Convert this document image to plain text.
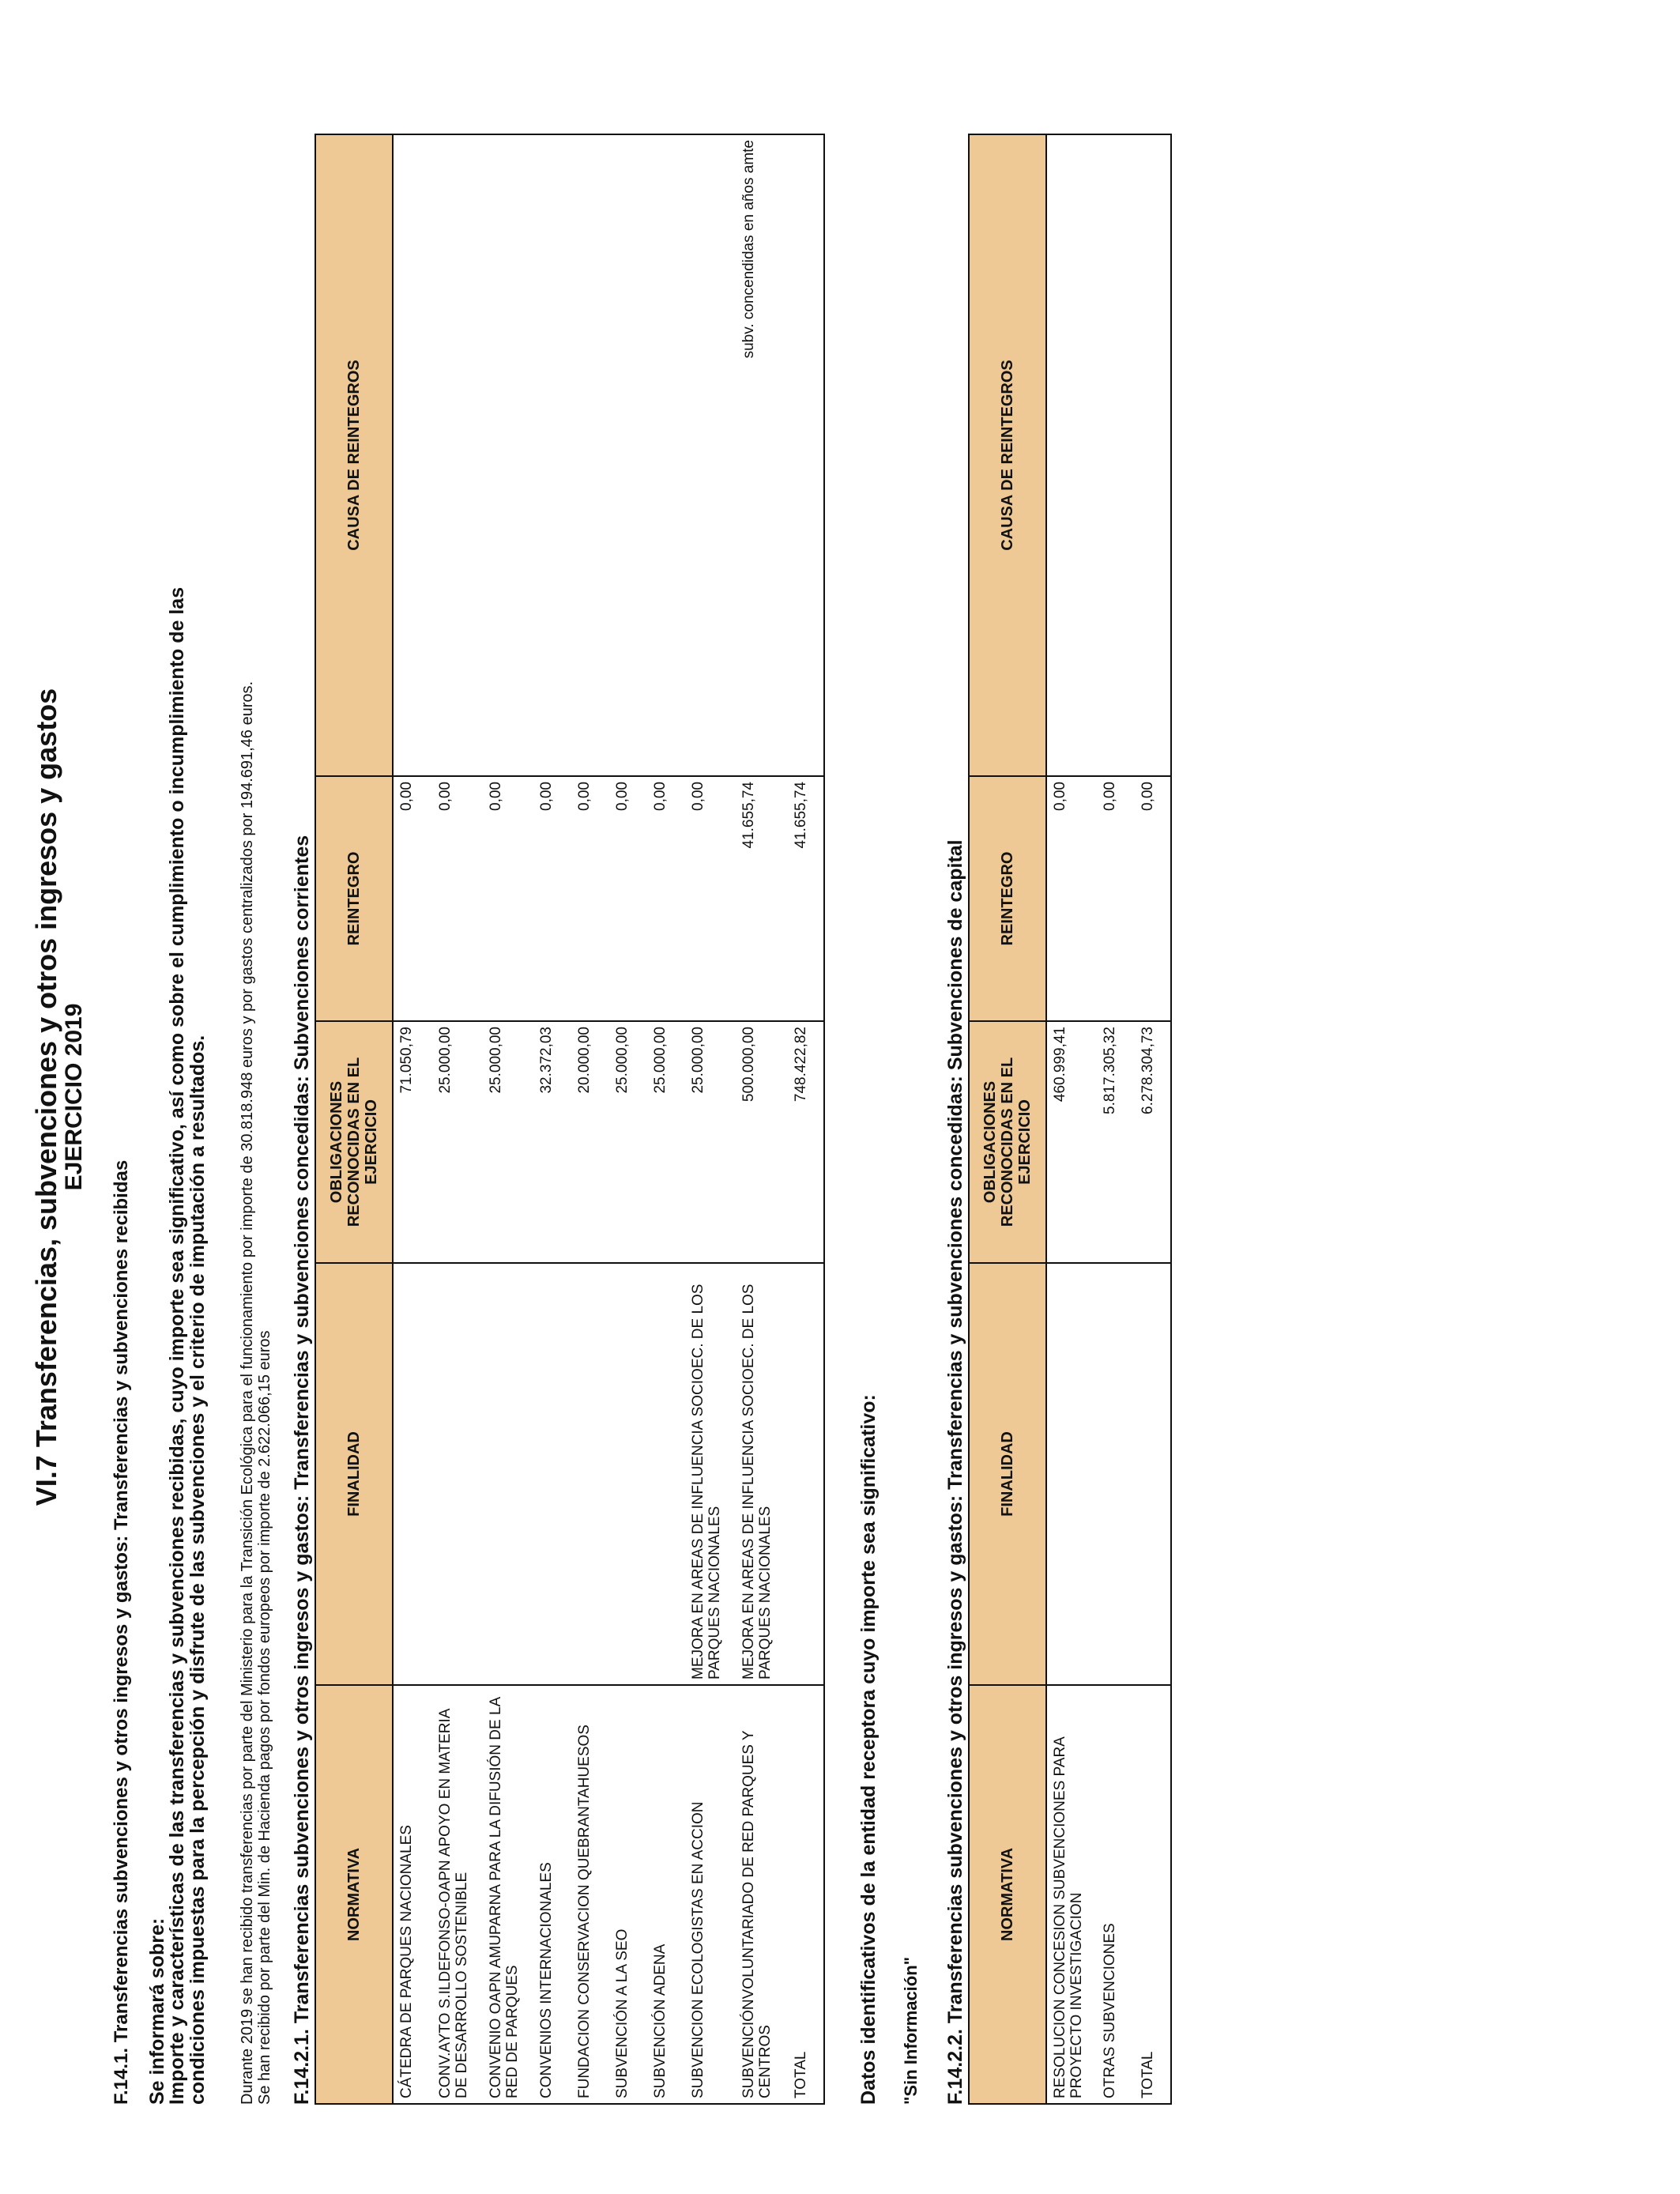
VI.7 Transferencias, subvenciones y otros ingresos y gastos
EJERCICIO 2019
F.14.1. Transferencias subvenciones y otros ingresos y gastos: Transferencias y subvenciones recibidas Se informará sobre:
Importe y características de las transferencias y subvenciones recibidas, cuyo importe sea significativo, así como sobre el cumplimiento o incumplimiento de las
condiciones impuestas para la percepción y disfrute de las subvenciones y el criterio de imputación a resultados. Durante 2019 se han recibido transferencias por parte del Ministerio para la Transición Ecológica para el funcionamiento por importe de 30.818.948 euros y por gastos centralizados por 194.691,46 euros. Se han recibido por parte del Min. de Hacienda pagos por fondos europeos por importe de 2.622.066,15 euros F.14.2.1. Transferencias subvenciones y otros ingresos y gastos: Transferencias y subvenciones concedidas: Subvenciones corrientes NORMATIVA	FINALIDAD	OBLIGACIONES RECONOCIDAS EN EL EJERCICIO	REINTEGRO	CAUSA DE REINTEGROS
CÁTEDRA DE PARQUES NACIONALES		71.050,79	0,00	
CONV.AYTO S.ILDEFONSO-OAPN APOYO EN MATERIA DE DESARROLLO SOSTENIBLE		25.000,00	0,00	
CONVENIO OAPN AMUPARNA PARA LA DIFUSIÓN DE LA RED DE PARQUES		25.000,00	0,00	
CONVENIOS INTERNACIONALES		32.372,03	0,00	
FUNDACION CONSERVACION QUEBRANTAHUESOS		20.000,00	0,00	
SUBVENCIÓN A LA SEO		25.000,00	0,00	
SUBVENCIÓN ADENA		25.000,00	0,00	
SUBVENCION ECOLOGISTAS EN ACCION	MEJORA EN AREAS DE INFLUENCIA SOCIOEC. DE LOS PARQUES NACIONALES	25.000,00	0,00	
SUBVENCIÓNVOLUNTARIADO DE RED PARQUES Y CENTROS	MEJORA EN AREAS DE INFLUENCIA SOCIOEC. DE LOS PARQUES NACIONALES	500.000,00	41.655,74	subv. concendidas en años amte
TOTAL		748.422,82	41.655,74	
Datos identificativos de la entidad receptora cuyo importe sea significativo: "Sin Información" F.14.2.2. Transferencias subvenciones y otros ingresos y gastos: Transferencias y subvenciones concedidas: Subvenciones de capital NORMATIVA	FINALIDAD	OBLIGACIONES RECONOCIDAS EN EL EJERCICIO	REINTEGRO	CAUSA DE REINTEGROS
RESOLUCION CONCESION SUBVENCIONES PARA PROYECTO INVESTIGACION		460.999,41	0,00	
OTRAS SUBVENCIONES		5.817.305,32	0,00	
TOTAL		6.278.304,73	0,00	
